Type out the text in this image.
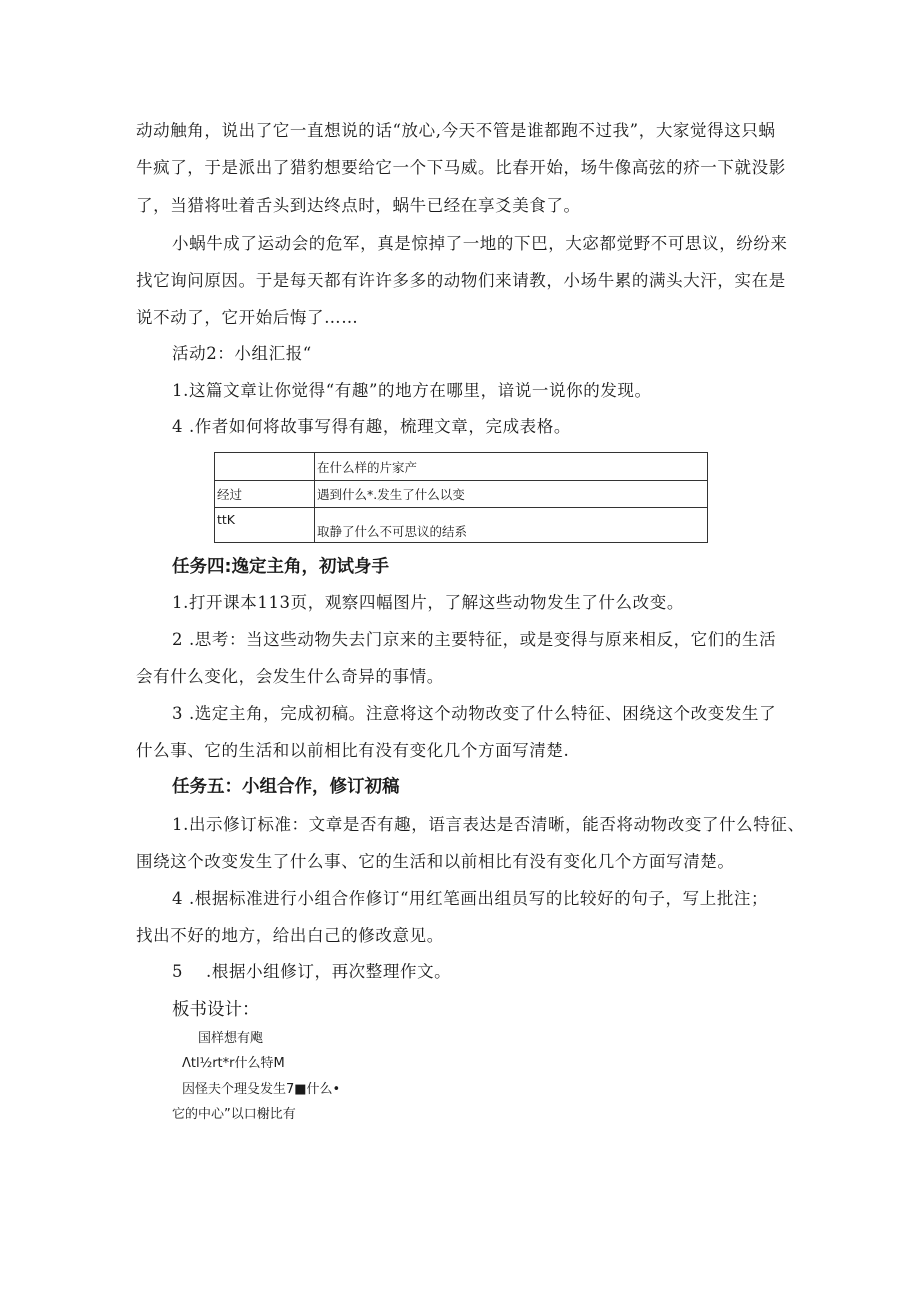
动动触角，说出了它一直想说的话“放心,今天不管是谁都跑不过我”，大家觉得这只蜗
牛疯了，于是派出了猎豹想要给它一个下马威。比春开始，场牛像高弦的疥一下就没影
了，当猎将吐着舌头到达终点时，蜗牛已经在享爻美食了。
小蜗牛成了运动会的危军，真是惊掉了一地的下巴，大宓都觉野不可思议，纷纷来
找它询问原因。于是每天都有许许多多的动物们来请教，小场牛累的满头大汗，实在是
说不动了，它开始后悔了……
活动2：小组汇报“
1.这篇文章让你觉得“有趣”的地方在哪里，谙说一说你的发现。
4 .作者如何将故事写得有趣，梳理文章，完成表格。
	在什么样的片家产
经过	遇到什么*.发生了什么以变
ttK	取静了什么不可思议的结系
任务四:逸定主角，初试身手
1.打开课本113页，观察四幅图片，了解这些动物发生了什么改变。
2 .思考：当这些动物失去门京来的主要特征，或是变得与原来相反，它们的生活
会有什么变化，会发生什么奇异的事情。
3 .选定主角，完成初稿。注意将这个动物改变了什么特征、困绕这个改变发生了
什么事、它的生活和以前相比有没有变化几个方面写清楚.
任务五：小组合作，修订初稿
1.出示修订标准：文章是否有趣，语言表达是否清晰，能否将动物改变了什么特征、
围绕这个改变发生了什么事、它的生活和以前相比有没有变化几个方面写清楚。
4 .根据标准进行小组合作修订“用红笔画出组员写的比较好的句子，写上批注；
找出不好的地方，给出白己的修改意见。
5　 .根据小组修订，再次整理作文。
板书设计：
国样想有飑
Λtl½rt*r什么特M
因怪夫个理殳发生7■什么•
它的中心”以口榭比有
